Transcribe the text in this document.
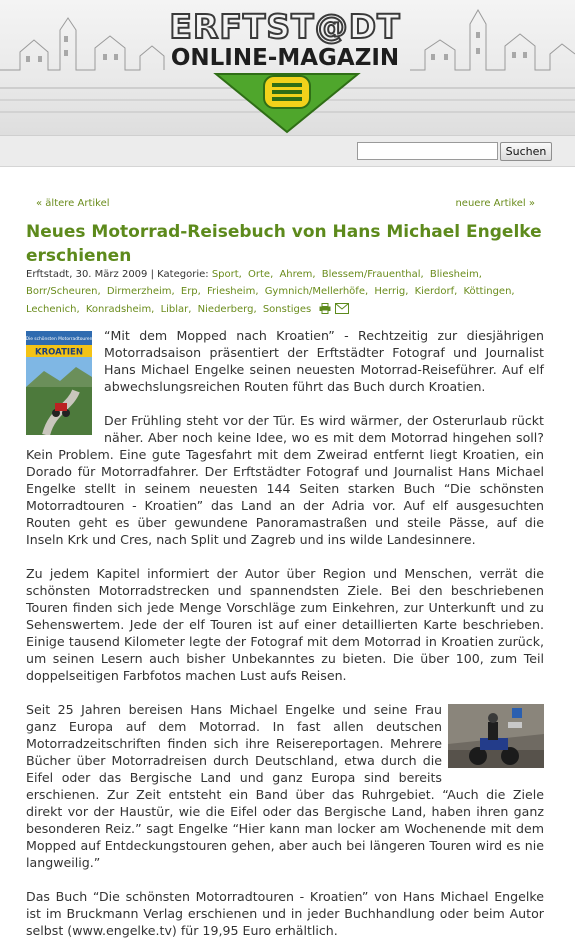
ERFTST@DT
ONLINE-MAGAZIN
Suchen
« ältere Artikel	neuere Artikel »
Neues Motorrad-Reisebuch von Hans Michael Engelke erschienen
Erftstadt, 30. März 2009 | Kategorie: Sport, Orte, Ahrem, Blessem/Frauenthal, Bliesheim, Borr/Scheuren, Dirmerzheim, Erp, Friesheim, Gymnich/Mellerhöfe, Herrig, Kierdorf, Köttingen, Lechenich, Konradsheim, Liblar, Niederberg, Sonstiges
Die schönsten Motorradtouren
KROATIEN

“Mit dem Mopped nach Kroatien” - Rechtzeitig zur diesjährigen Motorradsaison präsentiert der Erftstädter Fotograf und Journalist Hans Michael Engelke seinen neuesten Motorrad-Reiseführer. Auf elf abwechslungsreichen Routen führt das Buch durch Kroatien.

Der Frühling steht vor der Tür. Es wird wärmer, der Osterurlaub rückt näher. Aber noch keine Idee, wo es mit dem Motorrad hingehen soll? Kein Problem. Eine gute Tagesfahrt mit dem Zweirad entfernt liegt Kroatien, ein Dorado für Motorradfahrer. Der Erftstädter Fotograf und Journalist Hans Michael Engelke stellt in seinem neuesten 144 Seiten starken Buch “Die schönsten Motorradtouren - Kroatien” das Land an der Adria vor. Auf elf ausgesuchten Routen geht es über gewundene Panoramastraßen und steile Pässe, auf die Inseln Krk und Cres, nach Split und Zagreb und ins wilde Landesinnere.

Zu jedem Kapitel informiert der Autor über Region und Menschen, verrät die schönsten Motorradstrecken und spannendsten Ziele. Bei den beschriebenen Touren finden sich jede Menge Vorschläge zum Einkehren, zur Unterkunft und zu Sehenswertem. Jede der elf Touren ist auf einer detaillierten Karte beschrieben. Einige tausend Kilometer legte der Fotograf mit dem Motorrad in Kroatien zurück, um seinen Lesern auch bisher Unbekanntes zu bieten. Die über 100, zum Teil doppelseitigen Farbfotos machen Lust aufs Reisen.

Seit 25 Jahren bereisen Hans Michael Engelke und seine Frau ganz Europa auf dem Motorrad. In fast allen deutschen Motorradzeitschriften finden sich ihre Reisereportagen. Mehrere Bücher über Motorradreisen durch Deutschland, etwa durch die Eifel oder das Bergische Land und ganz Europa sind bereits erschienen. Zur Zeit entsteht ein Band über das Ruhrgebiet. “Auch die Ziele direkt vor der Haustür, wie die Eifel oder das Bergische Land, haben ihren ganz besonderen Reiz.” sagt Engelke “Hier kann man locker am Wochenende mit dem Mopped auf Entdeckungstouren gehen, aber auch bei längeren Touren wird es nie langweilig.”

Das Buch “Die schönsten Motorradtouren - Kroatien” von Hans Michael Engelke ist im Bruckmann Verlag erschienen und in jeder Buchhandlung oder beim Autor selbst (www.engelke.tv) für 19,95 Euro erhältlich.
